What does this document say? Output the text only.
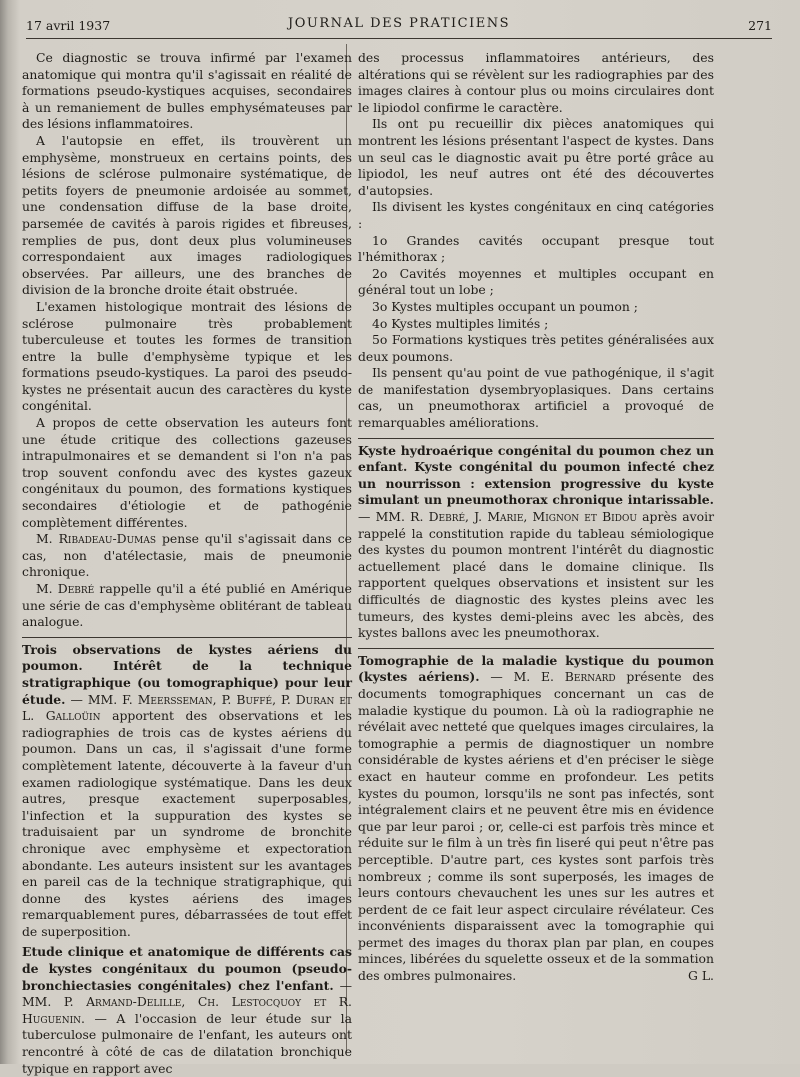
17 avril 1937	JOURNAL DES PRATICIENS	271

Ce diagnostic se trouva infirmé par l'examen anatomique qui montra qu'il s'agissait en réalité de formations pseudo-kystiques acquises, secondaires à un remaniement de bulles emphysémateuses par des lésions inflammatoires.

A l'autopsie en effet, ils trouvèrent un emphysème, monstrueux en certains points, des lésions de sclérose pulmonaire systématique, de petits foyers de pneumonie ardoisée au sommet, une condensation diffuse de la base droite, parsemée de cavités à parois rigides et fibreuses, remplies de pus, dont deux plus volumineuses correspondaient aux images radiologiques observées. Par ailleurs, une des branches de division de la bronche droite était obstruée.

L'examen histologique montrait des lésions de sclérose pulmonaire très probablement tuberculeuse et toutes les formes de transition entre la bulle d'emphysème typique et les formations pseudo-kystiques. La paroi des pseudo-kystes ne présentait aucun des caractères du kyste congénital.

A propos de cette observation les auteurs font une étude critique des collections gazeuses intrapulmonaires et se demandent si l'on n'a pas trop souvent confondu avec des kystes gazeux congénitaux du poumon, des formations kystiques secondaires d'étiologie et de pathogénie complètement différentes.

M. Ribadeau-Dumas pense qu'il s'agissait dans ce cas, non d'atélectasie, mais de pneumonie chronique.

M. Debré rappelle qu'il a été publié en Amérique une série de cas d'emphysème oblitérant de tableau analogue.

Trois observations de kystes aériens du poumon. Intérêt de la technique stratigraphique (ou tomographique) pour leur étude. — MM. F. Meersseman, P. Buffé, P. Duran et L. Galloüin apportent des observations et les radiographies de trois cas de kystes aériens du poumon. Dans un cas, il s'agissait d'une forme complètement latente, découverte à la faveur d'un examen radiologique systématique. Dans les deux autres, presque exactement superposables, l'infection et la suppuration des kystes se traduisaient par un syndrome de bronchite chronique avec emphysème et expectoration abondante. Les auteurs insistent sur les avantages en pareil cas de la technique stratigraphique, qui donne des kystes aériens des images remarquablement pures, débarrassées de tout effet de superposition.

Etude clinique et anatomique de différents cas de kystes congénitaux du poumon (pseudo-bronchiectasies congénitales) chez l'enfant. — MM. P. Armand-Delille, Ch. Lestocquoy et R. Huguenin. — A l'occasion de leur étude sur la tuberculose pulmonaire de l'enfant, les auteurs ont rencontré à côté de cas de dilatation bronchique typique en rapport avec

des processus inflammatoires antérieurs, des altérations qui se révèlent sur les radiographies par des images claires à contour plus ou moins circulaires dont le lipiodol confirme le caractère.

Ils ont pu recueillir dix pièces anatomiques qui montrent les lésions présentant l'aspect de kystes. Dans un seul cas le diagnostic avait pu être porté grâce au lipiodol, les neuf autres ont été des découvertes d'autopsies.

Ils divisent les kystes congénitaux en cinq catégories :

1o Grandes cavités occupant presque tout l'hémithorax ;

2o Cavités moyennes et multiples occupant en général tout un lobe ;

3o Kystes multiples occupant un poumon ;

4o Kystes multiples limités ;

5o Formations kystiques très petites généralisées aux deux poumons.

Ils pensent qu'au point de vue pathogénique, il s'agit de manifestation dysembryoplasiques. Dans certains cas, un pneumothorax artificiel a provoqué de remarquables améliorations.

Kyste hydroaérique congénital du poumon chez un enfant. Kyste congénital du poumon infecté chez un nourrisson : extension progressive du kyste simulant un pneumothorax chronique intarissable. — MM. R. Debré, J. Marie, Mignon et Bidou après avoir rappelé la constitution rapide du tableau sémiologique des kystes du poumon montrent l'intérêt du diagnostic actuellement placé dans le domaine clinique. Ils rapportent quelques observations et insistent sur les difficultés de diagnostic des kystes pleins avec les tumeurs, des kystes demi-pleins avec les abcès, des kystes ballons avec les pneumothorax.

Tomographie de la maladie kystique du poumon (kystes aériens). — M. E. Bernard présente des documents tomographiques concernant un cas de maladie kystique du poumon. Là où la radiographie ne révélait avec netteté que quelques images circulaires, la tomographie a permis de diagnostiquer un nombre considérable de kystes aériens et d'en préciser le siège exact en hauteur comme en profondeur. Les petits kystes du poumon, lorsqu'ils ne sont pas infectés, sont intégralement clairs et ne peuvent être mis en évidence que par leur paroi ; or, celle-ci est parfois très mince et réduite sur le film à un très fin liseré qui peut n'être pas perceptible. D'autre part, ces kystes sont parfois très nombreux ; comme ils sont superposés, les images de leurs contours chevauchent les unes sur les autres et perdent de ce fait leur aspect circulaire révélateur. Ces inconvénients disparaissent avec la tomographie qui permet des images du thorax plan par plan, en coupes minces, libérées du squelette osseux et de la sommation des ombres pulmonaires.	G L.
